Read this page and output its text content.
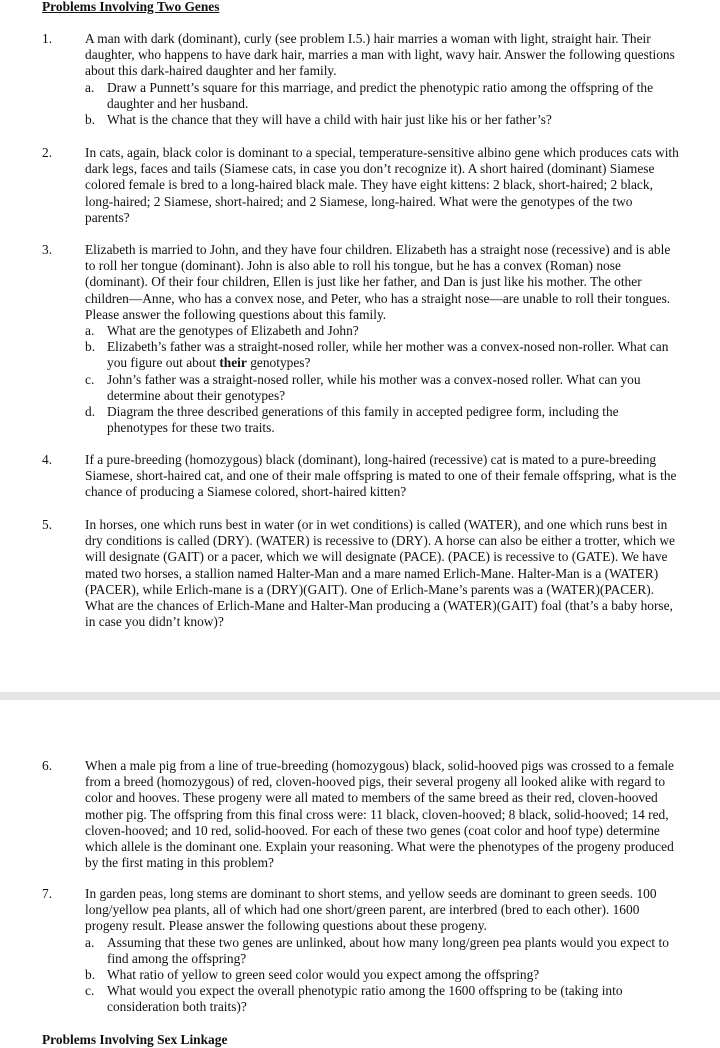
Problems Involving Two Genes
1. A man with dark (dominant), curly (see problem I.5.) hair marries a woman with light, straight hair. Their daughter, who happens to have dark hair, marries a man with light, wavy hair. Answer the following questions about this dark-haired daughter and her family.
a. Draw a Punnett’s square for this marriage, and predict the phenotypic ratio among the offspring of the daughter and her husband.
b. What is the chance that they will have a child with hair just like his or her father’s?
2. In cats, again, black color is dominant to a special, temperature-sensitive albino gene which produces cats with dark legs, faces and tails (Siamese cats, in case you don’t recognize it). A short haired (dominant) Siamese colored female is bred to a long-haired black male. They have eight kittens: 2 black, short-haired; 2 black, long-haired; 2 Siamese, short-haired; and 2 Siamese, long-haired. What were the genotypes of the two parents?
3. Elizabeth is married to John, and they have four children. Elizabeth has a straight nose (recessive) and is able to roll her tongue (dominant). John is also able to roll his tongue, but he has a convex (Roman) nose (dominant). Of their four children, Ellen is just like her father, and Dan is just like his mother. The other children—Anne, who has a convex nose, and Peter, who has a straight nose—are unable to roll their tongues. Please answer the following questions about this family.
a. What are the genotypes of Elizabeth and John?
b. Elizabeth’s father was a straight-nosed roller, while her mother was a convex-nosed non-roller. What can you figure out about their genotypes?
c. John’s father was a straight-nosed roller, while his mother was a convex-nosed roller. What can you determine about their genotypes?
d. Diagram the three described generations of this family in accepted pedigree form, including the phenotypes for these two traits.
4. If a pure-breeding (homozygous) black (dominant), long-haired (recessive) cat is mated to a pure-breeding Siamese, short-haired cat, and one of their male offspring is mated to one of their female offspring, what is the chance of producing a Siamese colored, short-haired kitten?
5. In horses, one which runs best in water (or in wet conditions) is called (WATER), and one which runs best in dry conditions is called (DRY). (WATER) is recessive to (DRY). A horse can also be either a trotter, which we will designate (GAIT) or a pacer, which we will designate (PACE). (PACE) is recessive to (GATE). We have mated two horses, a stallion named Halter-Man and a mare named Erlich-Mane. Halter-Man is a (WATER)(PACER), while Erlich-mane is a (DRY)(GAIT). One of Erlich-Mane’s parents was a (WATER)(PACER). What are the chances of Erlich-Mane and Halter-Man producing a (WATER)(GAIT) foal (that’s a baby horse, in case you didn’t know)?
6. When a male pig from a line of true-breeding (homozygous) black, solid-hooved pigs was crossed to a female from a breed (homozygous) of red, cloven-hooved pigs, their several progeny all looked alike with regard to color and hooves. These progeny were all mated to members of the same breed as their red, cloven-hooved mother pig. The offspring from this final cross were: 11 black, cloven-hooved; 8 black, solid-hooved; 14 red, cloven-hooved; and 10 red, solid-hooved. For each of these two genes (coat color and hoof type) determine which allele is the dominant one. Explain your reasoning. What were the phenotypes of the progeny produced by the first mating in this problem?
7. In garden peas, long stems are dominant to short stems, and yellow seeds are dominant to green seeds. 100 long/yellow pea plants, all of which had one short/green parent, are interbred (bred to each other). 1600 progeny result. Please answer the following questions about these progeny.
a. Assuming that these two genes are unlinked, about how many long/green pea plants would you expect to find among the offspring?
b. What ratio of yellow to green seed color would you expect among the offspring?
c. What would you expect the overall phenotypic ratio among the 1600 offspring to be (taking into consideration both traits)?
Problems Involving Sex Linkage
